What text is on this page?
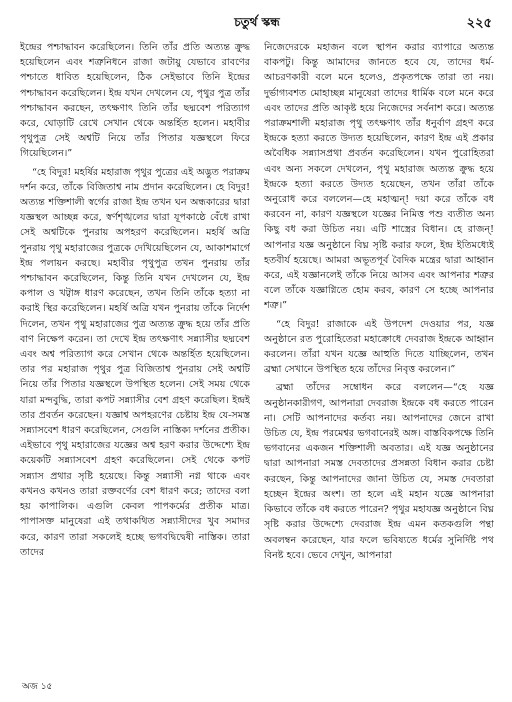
চতুর্থ স্কন্ধ	২২৫

ইন্দ্রের পশ্চাদ্ধাবন করেছিলেন। তিনি তাঁর প্রতি অত্যন্ত ক্রুদ্ধ হয়েছিলেন এবং শত্রুনিধনে রাজা জটায়ু যেভাবে রাবণের পশ্চাতে ধাবিত হয়েছিলেন, ঠিক সেইভাবে তিনি ইন্দ্রের পশ্চাদ্ধাবন করেছিলেন। ইন্দ্র যখন দেখলেন যে, পৃথুর পুত্র তাঁর পশ্চাদ্ধাবন করছেন, তৎক্ষণাৎ তিনি তাঁর ছদ্মবেশ পরিত্যাগ করে, ঘোড়াটি রেখে সেখান থেকে অন্তর্হিত হলেন। মহাবীর পৃথুপুত্র সেই অশ্বটি নিয়ে তাঁর পিতার যজ্ঞস্থলে ফিরে গিয়েছিলেন।”

“হে বিদুর! মহর্ষির মহারাজ পৃথুর পুত্রের এই অদ্ভুত পরাক্রম দর্শন করে, তাঁকে বিজিতাশ্ব নাম প্রদান করেছিলেন। হে বিদুর! অত্যন্ত শক্তিশালী স্বর্গের রাজা ইন্দ্র তখন ঘন অন্ধকারের দ্বারা যজ্ঞস্থল আচ্ছন্ন করে, স্বর্ণশৃঙ্খলের দ্বারা যূপকাষ্ঠে বেঁধে রাখা সেই অশ্বটিকে পুনরায় অপহরণ করেছিলেন। মহর্ষি অত্রি পুনরায় পৃথু মহারাজের পুত্রকে দেখিয়েছিলেন যে, আকাশমার্গে ইন্দ্র পলায়ন করছে। মহাবীর পৃথুপুত্র তখন পুনরায় তাঁর পশ্চাদ্ধাবন করেছিলেন, কিন্তু তিনি যখন দেখলেন যে, ইন্দ্র কপাল ও খট্বাঙ্গ ধারণ করেছেন, তখন তিনি তাঁকে হত্যা না করাই স্থির করেছিলেন। মহর্ষি অত্রি যখন পুনরায় তাঁকে নির্দেশ দিলেন, তখন পৃথু মহারাজের পুত্র অত্যন্ত ক্রুদ্ধ হয়ে তাঁর প্রতি বাণ নিক্ষেপ করেন। তা দেখে ইন্দ্র তৎক্ষণাৎ সন্ন্যাসীর ছদ্মবেশ এবং অশ্ব পরিত্যাগ করে সেখান থেকে অন্তর্হিত হয়েছিলেন। তার পর মহারাজ পৃথুর পুত্র বিজিতাশ্ব পুনরায় সেই অশ্বটি নিয়ে তাঁর পিতার যজ্ঞস্থলে উপস্থিত হলেন। সেই সময় থেকে যারা মন্দবুদ্ধি, তারা কপট সন্ন্যাসীর বেশ গ্রহণ করেছিল। ইন্দ্রই তার প্রবর্তন করেছেন। যজ্ঞাশ্ব অপহরণের চেষ্টায় ইন্দ্র যে-সমস্ত সন্ন্যাসবেশ ধারণ করেছিলেন, সেগুলি নাস্তিক্য দর্শনের প্রতীক। এইভাবে পৃথু মহারাজের যজ্ঞের অশ্ব হরণ করার উদ্দেশ্যে ইন্দ্র কয়েকটি সন্ন্যাসবেশ গ্রহণ করেছিলেন। সেই থেকে কপট সন্ন্যাস প্রথার সৃষ্টি হয়েছে। কিন্তু সন্ন্যাসী নগ্ন থাকে এবং কখনও কখনও তারা রক্তবর্ণের বেশ ধারণ করে; তাদের বলা হয় কাপালিক। এগুলি কেবল পাপকর্মের প্রতীক মাত্র। পাপাসক্ত মানুষেরা এই তথাকথিত সন্ন্যাসীদের খুব সমাদর করে, কারণ তারা সকলেই হচ্ছে ভগবদ্বিদ্বেষী নাস্তিক। তারা তাদের

নিজেদেরকে মহাজন বলে স্থাপন করার ব্যাপারে অত্যন্ত বাকপটু। কিন্তু আমাদের জানতে হবে যে, তাদের ধর্ম-আচরণকারী বলে মনে হলেও, প্রকৃতপক্ষে তারা তা নয়। দুর্ভাগ্যবশত মোহাচ্ছন্ন মানুষেরা তাদের ধার্মিক বলে মনে করে এবং তাদের প্রতি আকৃষ্ট হয়ে নিজেদের সর্বনাশ করে। অত্যন্ত পরাক্রমশালী মহারাজ পৃথু তৎক্ষণাৎ তাঁর ধনুর্বাণ গ্রহণ করে ইন্দ্রকে হত্যা করতে উদ্যত হয়েছিলেন, কারণ ইন্দ্র এই প্রকার অবৈধিক সন্ন্যাসপ্রথা প্রবর্তন করেছিলেন। যখন পুরোহিতরা এবং অন্য সকলে দেখলেন, পৃথু মহারাজ অত্যন্ত ক্রুদ্ধ হয়ে ইন্দ্রকে হত্যা করতে উদ্যত হয়েছেন, তখন তাঁরা তাঁকে অনুরোধ করে বললেন—হে মহাত্মন্! দয়া করে তাঁকে বধ করবেন না, কারণ যজ্ঞস্থলে যজ্ঞের নিমিত্ত পশু ব্যতীত অন্য কিছু বধ করা উচিত নয়। এটি শাস্ত্রের বিধান। হে রাজন্! আপনার যজ্ঞ অনুষ্ঠানে বিঘ্ন সৃষ্টি করার ফলে, ইন্দ্র ইতিমধ্যেই হতবীর্য হয়েছে। আমরা অভূতপূর্ব বৈদিক মন্ত্রের দ্বারা আহ্বান করে, এই যজ্ঞানলেই তাঁকে নিয়ে আসব এবং আপনার শত্রুর বলে তাঁকে যজ্ঞাগ্নিতে হোম করব, কারণ সে হচ্ছে আপনার শত্রু।”

“হে বিদুর! রাজাকে এই উপদেশ দেওয়ার পর, যজ্ঞ অনুষ্ঠানে রত পুরোহিতেরা মহাক্রোধে দেবরাজ ইন্দ্রকে আহ্বান করলেন। তাঁরা যখন যজ্ঞে আহুতি দিতে যাচ্ছিলেন, তখন ব্রহ্মা সেখানে উপস্থিত হয়ে তাঁদের নিবৃত্ত করলেন।”

ব্রহ্মা তাঁদের সম্বোধন করে বললেন—“হে যজ্ঞ অনুষ্ঠানকারীগণ, আপনারা দেবরাজ ইন্দ্রকে বধ করতে পারেন না। সেটি আপনাদের কর্তব্য নয়। আপনাদের জেনে রাখা উচিত যে, ইন্দ্র পরমেশ্বর ভগবানেরই অঙ্গ। বাস্তবিকপক্ষে তিনি ভগবানের একজন শক্তিশালী অবতার। এই যজ্ঞ অনুষ্ঠানের দ্বারা আপনারা সমস্ত দেবতাদের প্রসন্নতা বিধান করার চেষ্টা করছেন, কিন্তু আপনাদের জানা উচিত যে, সমস্ত দেবতারা হচ্ছেন ইন্দ্রের অংশ। তা হলে এই মহান যজ্ঞে আপনারা কিভাবে তাঁকে বধ করতে পারেন? পৃথুর মহাযজ্ঞ অনুষ্ঠানে বিঘ্ন সৃষ্টি করার উদ্দেশ্যে দেবরাজ ইন্দ্র এমন কতকগুলি পন্থা অবলম্বন করেছেন, যার ফলে ভবিষ্যতে ধর্মের সুনির্দিষ্ট পথ বিনষ্ট হবে। ভেবে দেখুন, আপনারা

অজ ১৫
